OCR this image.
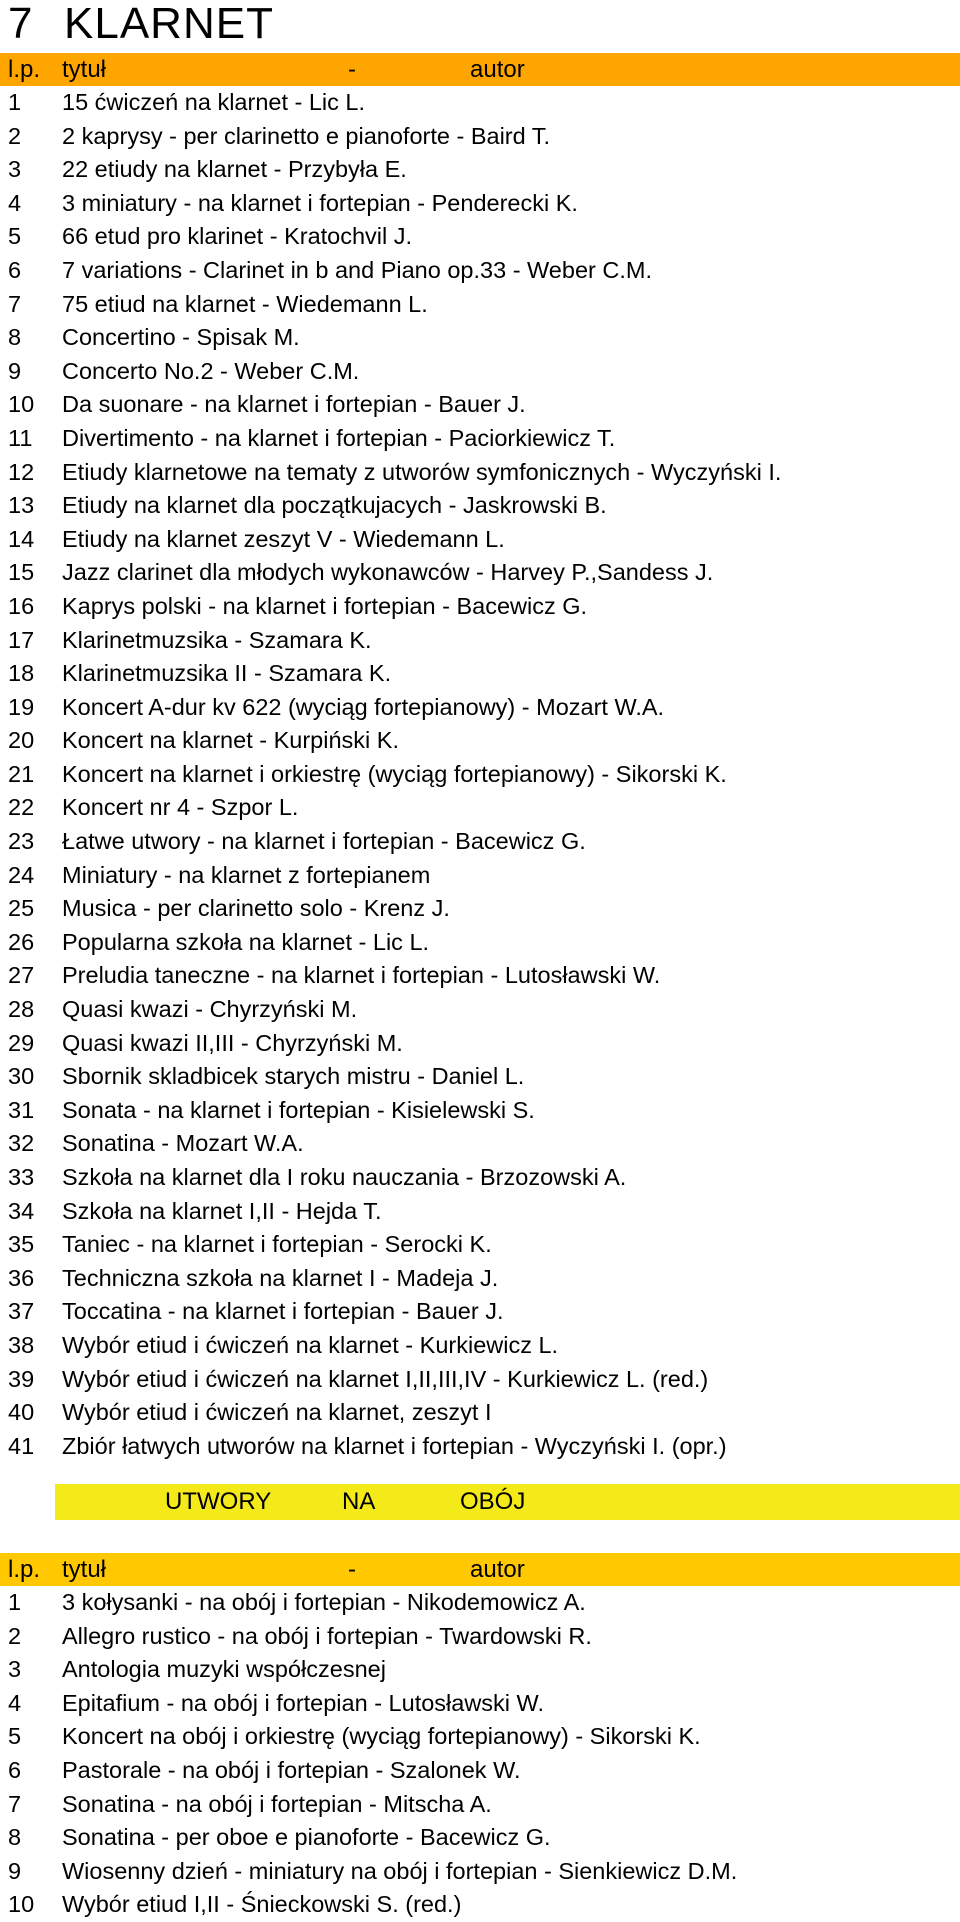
7 KLARNET
l.p. tytuł	-	autor
1 15 ćwiczeń na klarnet - Lic L.
2 2 kaprysy - per clarinetto e pianoforte - Baird T.
3 22 etiudy na klarnet - Przybyła E.
4 3 miniatury - na klarnet i fortepian - Penderecki K.
5 66 etud pro klarinet - Kratochvil J.
6 7 variations - Clarinet in b and Piano op.33 - Weber C.M.
7 75 etiud na klarnet - Wiedemann L.
8 Concertino - Spisak M.
9 Concerto No.2 - Weber C.M.
10 Da suonare - na klarnet i fortepian - Bauer J.
11 Divertimento - na klarnet i fortepian - Paciorkiewicz T.
12 Etiudy klarnetowe na tematy z utworów symfonicznych - Wyczyński I.
13 Etiudy na klarnet dla początkujacych - Jaskrowski B.
14 Etiudy na klarnet zeszyt V - Wiedemann L.
15 Jazz clarinet dla młodych wykonawców - Harvey P.,Sandess J.
16 Kaprys polski - na klarnet i fortepian - Bacewicz G.
17 Klarinetmuzsika - Szamara K.
18 Klarinetmuzsika II - Szamara K.
19 Koncert A-dur kv 622 (wyciąg fortepianowy) - Mozart W.A.
20 Koncert na klarnet - Kurpiński K.
21 Koncert na klarnet i orkiestrę (wyciąg fortepianowy) - Sikorski K.
22 Koncert nr 4 - Szpor L.
23 Łatwe utwory - na klarnet i fortepian - Bacewicz G.
24 Miniatury - na klarnet z fortepianem
25 Musica - per clarinetto solo - Krenz J.
26 Popularna szkoła na klarnet - Lic L.
27 Preludia taneczne - na klarnet i fortepian - Lutosławski W.
28 Quasi kwazi - Chyrzyński M.
29 Quasi kwazi II,III - Chyrzyński M.
30 Sbornik skladbicek starych mistru - Daniel L.
31 Sonata - na klarnet i fortepian - Kisielewski S.
32 Sonatina - Mozart W.A.
33 Szkoła na klarnet dla I roku nauczania - Brzozowski A.
34 Szkoła na klarnet I,II - Hejda T.
35 Taniec - na klarnet i fortepian - Serocki K.
36 Techniczna szkoła na klarnet I - Madeja J.
37 Toccatina - na klarnet i fortepian - Bauer J.
38 Wybór etiud i ćwiczeń na klarnet - Kurkiewicz L.
39 Wybór etiud i ćwiczeń na klarnet I,II,III,IV - Kurkiewicz L. (red.)
40 Wybór etiud i ćwiczeń na klarnet, zeszyt I
41 Zbiór łatwych utworów na klarnet i fortepian - Wyczyński I. (opr.)
UTWORY	NA	OBÓJ
l.p. tytuł	-	autor
1 3 kołysanki - na obój i fortepian - Nikodemowicz A.
2 Allegro rustico - na obój i fortepian - Twardowski R.
3 Antologia muzyki współczesnej
4 Epitafium - na obój i fortepian - Lutosławski W.
5 Koncert na obój i orkiestrę (wyciąg fortepianowy) - Sikorski K.
6 Pastorale - na obój i fortepian - Szalonek W.
7 Sonatina - na obój i fortepian - Mitscha A.
8 Sonatina - per oboe e pianoforte - Bacewicz G.
9 Wiosenny dzień - miniatury na obój i fortepian - Sienkiewicz D.M.
10 Wybór etiud I,II - Śnieckowski S. (red.)
